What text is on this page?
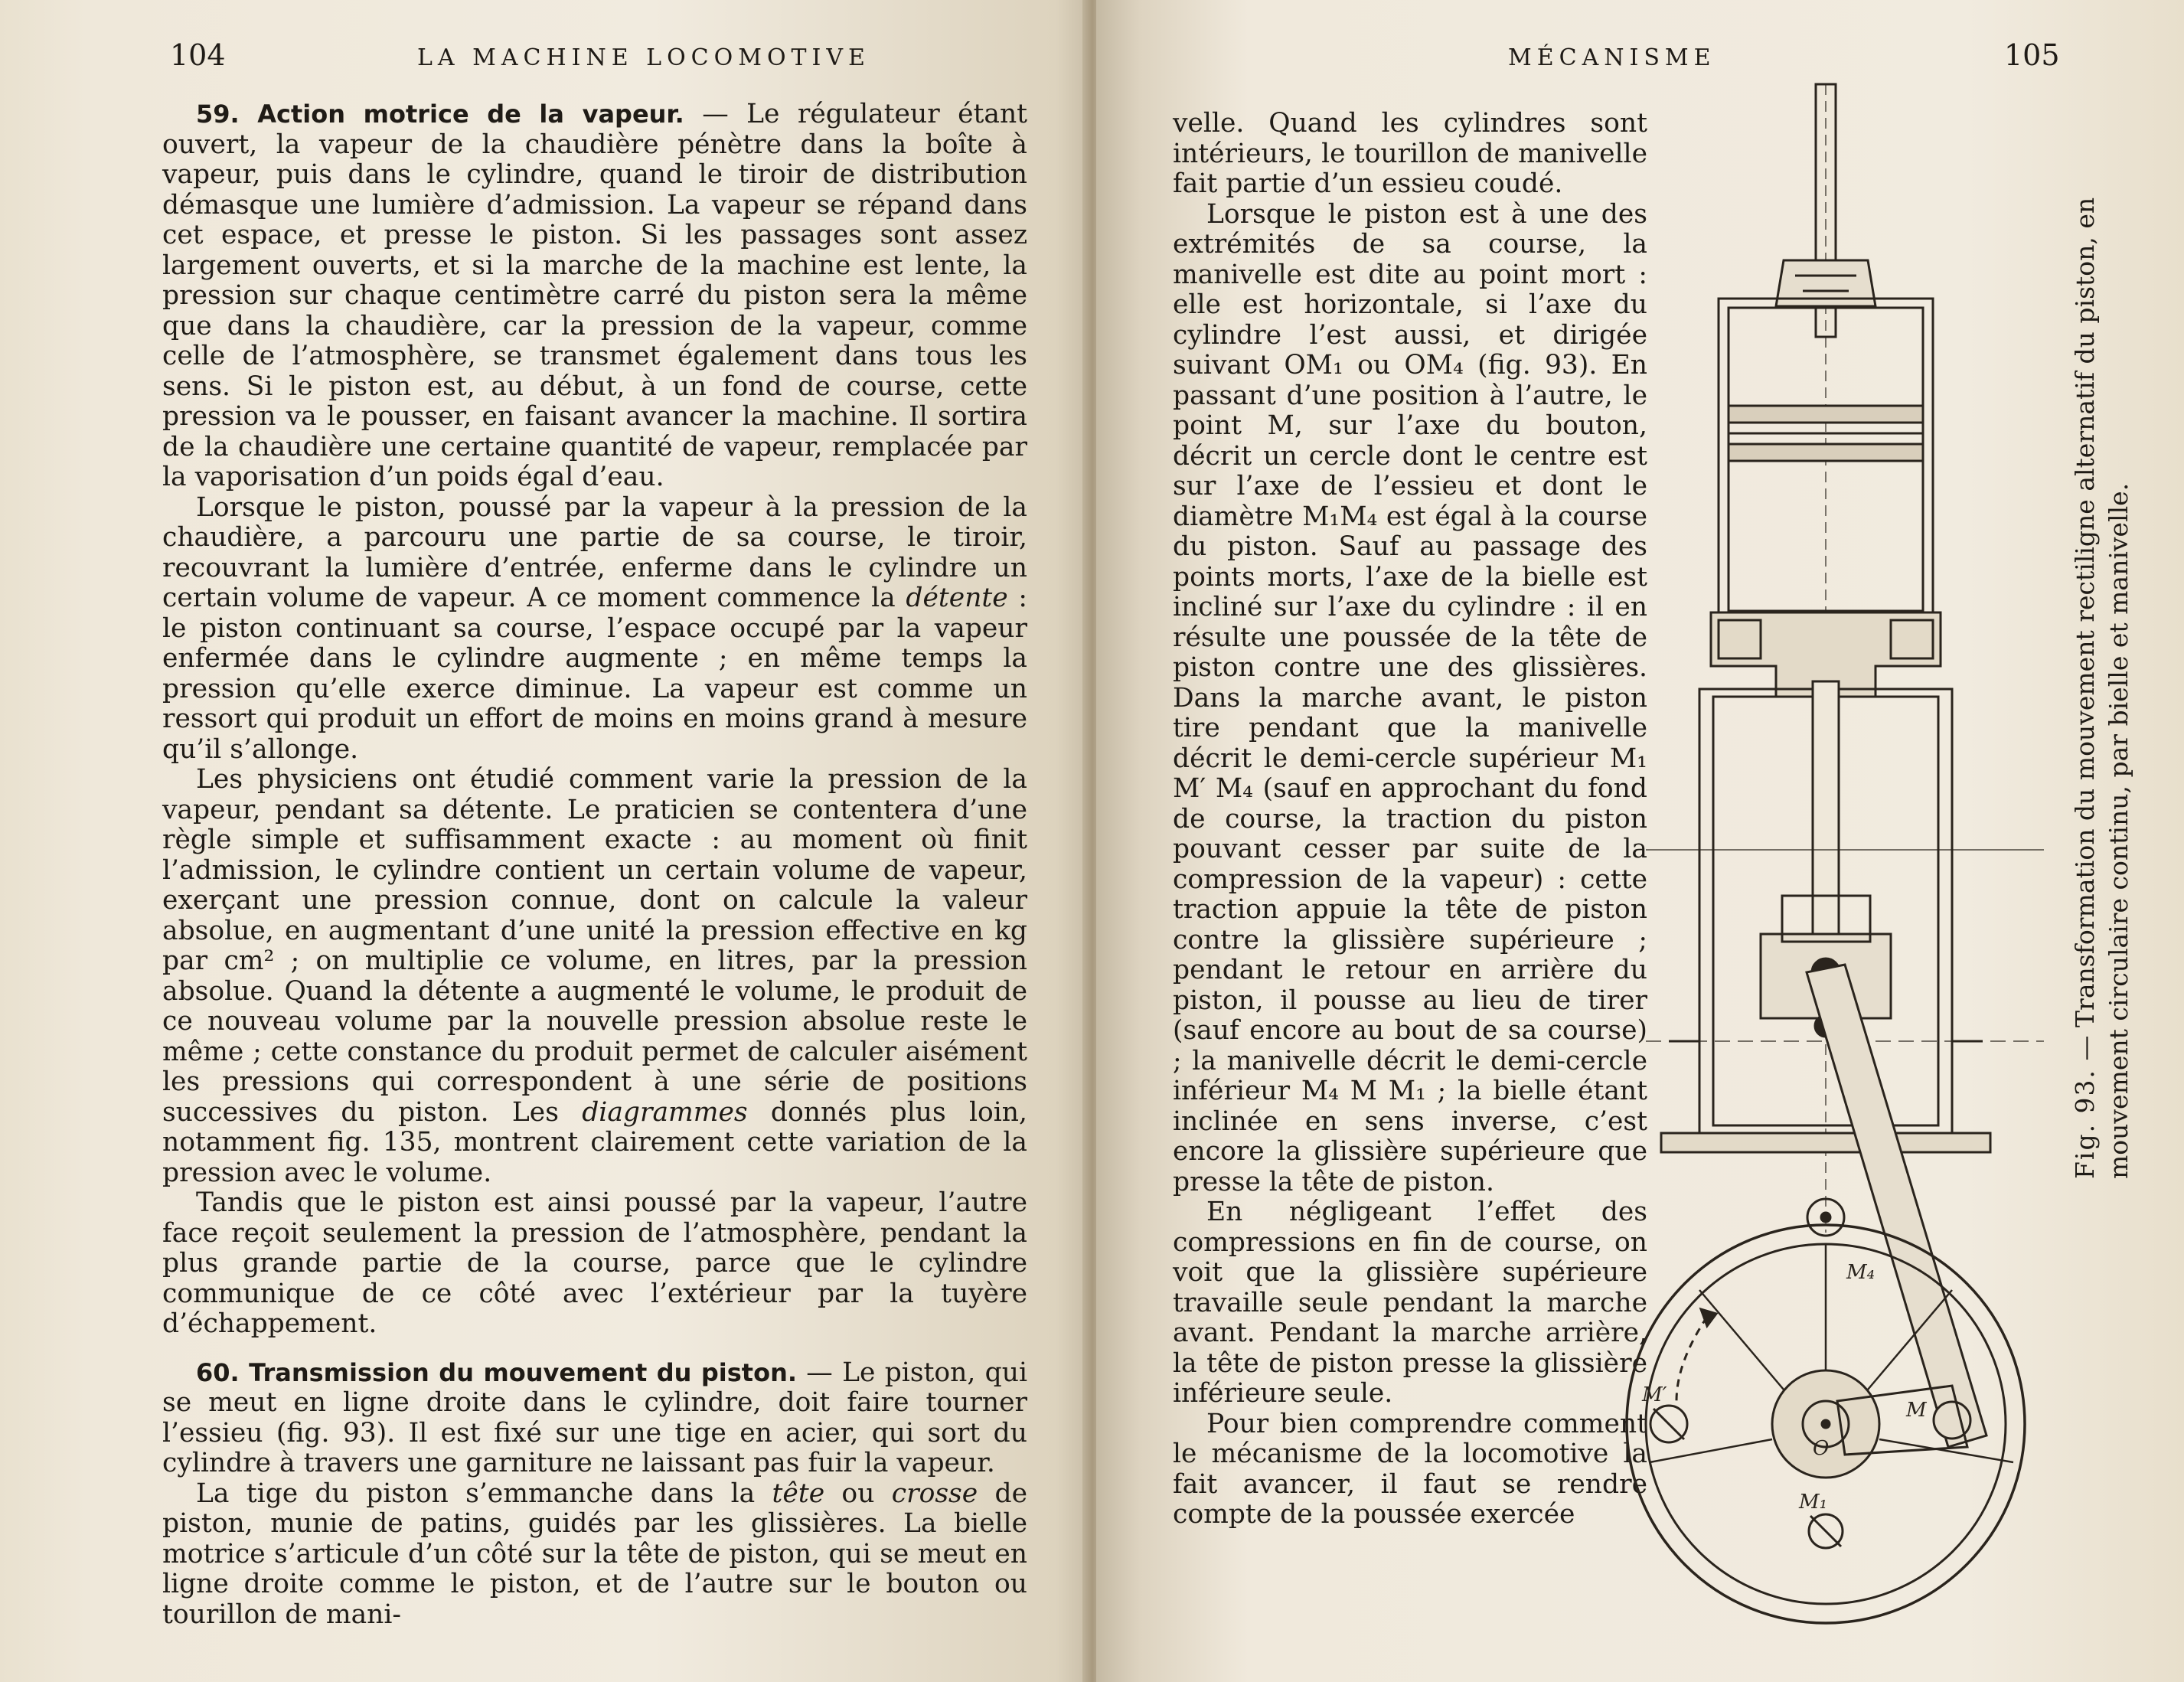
104	LA MACHINE LOCOMOTIVE

59. Action motrice de la vapeur. — Le régulateur étant ouvert, la vapeur de la chaudière pénètre dans la boîte à vapeur, puis dans le cylindre, quand le tiroir de distribution démasque une lumière d’admission. La vapeur se répand dans cet espace, et presse le piston. Si les passages sont assez largement ouverts, et si la marche de la machine est lente, la pression sur chaque centimètre carré du piston sera la même que dans la chaudière, car la pression de la vapeur, comme celle de l’atmosphère, se transmet également dans tous les sens. Si le piston est, au début, à un fond de course, cette pression va le pousser, en faisant avancer la machine. Il sortira de la chaudière une certaine quantité de vapeur, remplacée par la vaporisation d’un poids égal d’eau.

Lorsque le piston, poussé par la vapeur à la pression de la chaudière, a parcouru une partie de sa course, le tiroir, recouvrant la lumière d’entrée, enferme dans le cylindre un certain volume de vapeur. A ce moment commence la détente : le piston continuant sa course, l’espace occupé par la vapeur enfermée dans le cylindre augmente ; en même temps la pression qu’elle exerce diminue. La vapeur est comme un ressort qui produit un effort de moins en moins grand à mesure qu’il s’allonge.

Les physiciens ont étudié comment varie la pression de la vapeur, pendant sa détente. Le praticien se contentera d’une règle simple et suffisamment exacte : au moment où finit l’admission, le cylindre contient un certain volume de vapeur, exerçant une pression connue, dont on calcule la valeur absolue, en augmentant d’une unité la pression effective en kg par cm² ; on multiplie ce volume, en litres, par la pression absolue. Quand la détente a augmenté le volume, le produit de ce nouveau volume par la nouvelle pression absolue reste le même ; cette constance du produit permet de calculer aisément les pressions qui correspondent à une série de positions successives du piston. Les diagrammes donnés plus loin, notamment fig. 135, montrent clairement cette variation de la pression avec le volume.

Tandis que le piston est ainsi poussé par la vapeur, l’autre face reçoit seulement la pression de l’atmosphère, pendant la plus grande partie de la course, parce que le cylindre communique de ce côté avec l’extérieur par la tuyère d’échappement.

60. Transmission du mouvement du piston. — Le piston, qui se meut en ligne droite dans le cylindre, doit faire tourner l’essieu (fig. 93). Il est fixé sur une tige en acier, qui sort du cylindre à travers une garniture ne laissant pas fuir la vapeur.

La tige du piston s’emmanche dans la tête ou crosse de piston, munie de patins, guidés par les glissières. La bielle motrice s’articule d’un côté sur la tête de piston, qui se meut en ligne droite comme le piston, et de l’autre sur le bouton ou tourillon de mani-

MÉCANISME	105

velle. Quand les cylindres sont intérieurs, le tourillon de manivelle fait partie d’un essieu coudé.

Lorsque le piston est à une des extrémités de sa course, la manivelle est dite au point mort : elle est horizontale, si l’axe du cylindre l’est aussi, et dirigée suivant OM₁ ou OM₄ (fig. 93). En passant d’une position à l’autre, le point M, sur l’axe du bouton, décrit un cercle dont le centre est sur l’axe de l’essieu et dont le diamètre M₁M₄ est égal à la course du piston. Sauf au passage des points morts, l’axe de la bielle est incliné sur l’axe du cylindre : il en résulte une poussée de la tête de piston contre une des glissières. Dans la marche avant, le piston tire pendant que la manivelle décrit le demi-cercle supérieur M₁ M′ M₄ (sauf en approchant du fond de course, la traction du piston pouvant cesser par suite de la compression de la vapeur) : cette traction appuie la tête de piston contre la glissière supérieure ; pendant le retour en arrière du piston, il pousse au lieu de tirer (sauf encore au bout de sa course) ; la manivelle décrit le demi-cercle inférieur M₄ M M₁ ; la bielle étant inclinée en sens inverse, c’est encore la glissière supérieure que presse la tête de piston.

En négligeant l’effet des compressions en fin de course, on voit que la glissière supérieure travaille seule pendant la marche avant. Pendant la marche arrière, la tête de piston presse la glissière inférieure seule.

Pour bien comprendre comment le mécanisme de la locomotive la fait avancer, il faut se rendre compte de la poussée exercée

M₄
M′
M₁
O
M
Fig. 93. — Transformation du mouvement rectiligne alternatif du piston, en mouvement circulaire continu, par bielle et manivelle.
